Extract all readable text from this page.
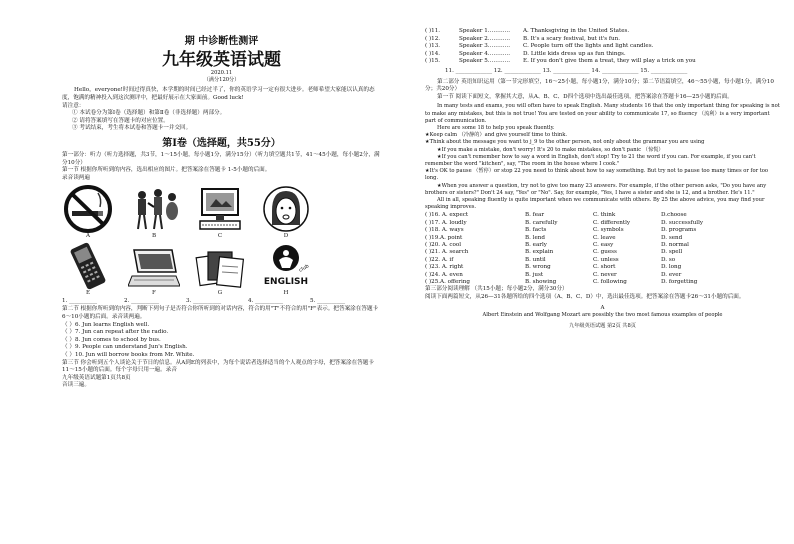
期 中诊断性测评

九年级英语试题

2020.11

（满分120分）

Hello，everyone!时间过得真快，本学期的时间已经过半了，你的英语学习一定有很大进步。老师希望大家能以认真的态度，饱满的精神投入到这次测评中，把最好展示在大家面前。Good luck!

请注意：

① 本试卷分为第Ⅰ卷（选择题）和第Ⅱ卷（非选择题）两部分。

② 请将答案填写在答题卡的对应位置。

③ 考试结束，考生将本试卷和答题卡一并交回。

第Ⅰ卷（选择题，共55分）

第一部分：听力（听力选择题，共3节，1～15小题，每小题1分，满分15分）（听力填空题共1节，41～45小题，每小题2分，满分10分）

第一节 根据你所听到的内容，选出相应的图片。把答案涂在答题卡 1-5小题的后面。

录音读两遍

A	B	C	D
club
ENGLISH
E	F	G	H
1. __________	2. __________	3. __________	4. __________	5. __________

第二节 根据你所听到的内容，判断下列句子是否符合你所听到的对话内容，符合的用"T"不符合的用"F"表示。把答案涂在答题卡 6～10小题的后面。录音读两遍。

（ ）6. Jun learns English well.

（ ）7. Jun can repeat after the radio.

（ ）8. Jun comes to school by bus.

（ ）9. People can understand Jun's English.

（ ）10. Jun will borrow books from Mr. White.

第三节 你会听到五个人谈论关于节日的信息。从A到E的列表中，为每个说话者选择适当的个人观点的字母，把答案涂在答题卡11～15小题的后面。每个字母只用一遍。录音

九年级英语试题第1页共8页

音读三遍。

( )11.	Speaker 1…………	A. Thanksgiving in the United States.
( )12.	Speaker 2…………	B. It's a scary festival, but it's fun.
( )13.	Speaker 3…………	C. People turn off the lights and light candles.
( )14.	Speaker 4…………	D. Little kids dress up as fun things.
( )15.	Speaker 5…………	E. If you don't give them a treat, they will play a trick on you

11. _____________ 12. _____________ 13. _____________ 14. _____________ 15. _____________

第二部分 英语知识运用（第一节完形填空，16～25小题，每小题1分，满分10分；第二节语篇填空，46～55小题，每小题1分，满分10分；共20分）

第一节 阅读下面短文，掌握其大意，从A、B、C、D四个选项中选出最佳选项，把答案涂在答题卡16—25小题的后面。

In many tests and exams, you will often have to speak English. Many students 16 that the only important thing for speaking is not to make any mistakes, but this is not true! You are tested on your ability to communicate 17, so fluency （流利）is a very important part of communication.

Here are some 18 to help you speak fluently.

★Keep calm （冷静的）and give yourself time to think.

★Think about the message you want to j_9 to the other person, not only about the grammar you are using

★If you make a mistake, don't worry! It's 20 to make mistakes, so don't panic （惊慌）

★If you can't remember how to say a word in English, don't stop! Try to 21 the word if you can. For example, if you can't remember the word "kitchen", say, "The room in the house where I cook."

★It's OK to pause （暂停）or stop 22 you need to think about how to say something. But try not to pause too many times or for too long.

★When you answer a question, try not to give too many 23 answers. For example, if the other person asks, "Do you have any brothers or sisters?" Don't 24 say, "Yes" or "No". Say, for example, "Yes, I have a sister and she is 12, and a brother. He's 11."

All in all, speaking fluently is quite important when we communicate with others. By 25 the above advice, you may find your speaking improves.

( )16. A. expect	B. fear	C. think	D.choose
( )17. A. loudly	B. carefully	C. differently	D. successfully
( )18. A. ways	B. facts	C. symbols	D. programs
( )19.A. point	B. lend	C. leave	D. send
( )20. A. cool	B. early	C. easy	D. normal
( )21. A. search	B. explain	C. guess	D. spell
( )22. A. if	B. until	C. unless	D. so
( )23. A. right	B. wrong	C. short	D. long
( )24. A. even	B. just	C. never	D. ever
( )25.A. offering	B. showing	C. following	D. forgetting

第三部分阅读理解 （共15小题；每小题2分，满分30分）

阅读下面两篇短文，从26—31各题所给的四个选项（A、B、C、D）中，选出最佳选项。把答案涂在答题卡26～31小题的后面。

A

Albert Einstein and Wolfgang Mozart are possibly the two most famous examples of people

九年级英语试题 第2页 共8页
